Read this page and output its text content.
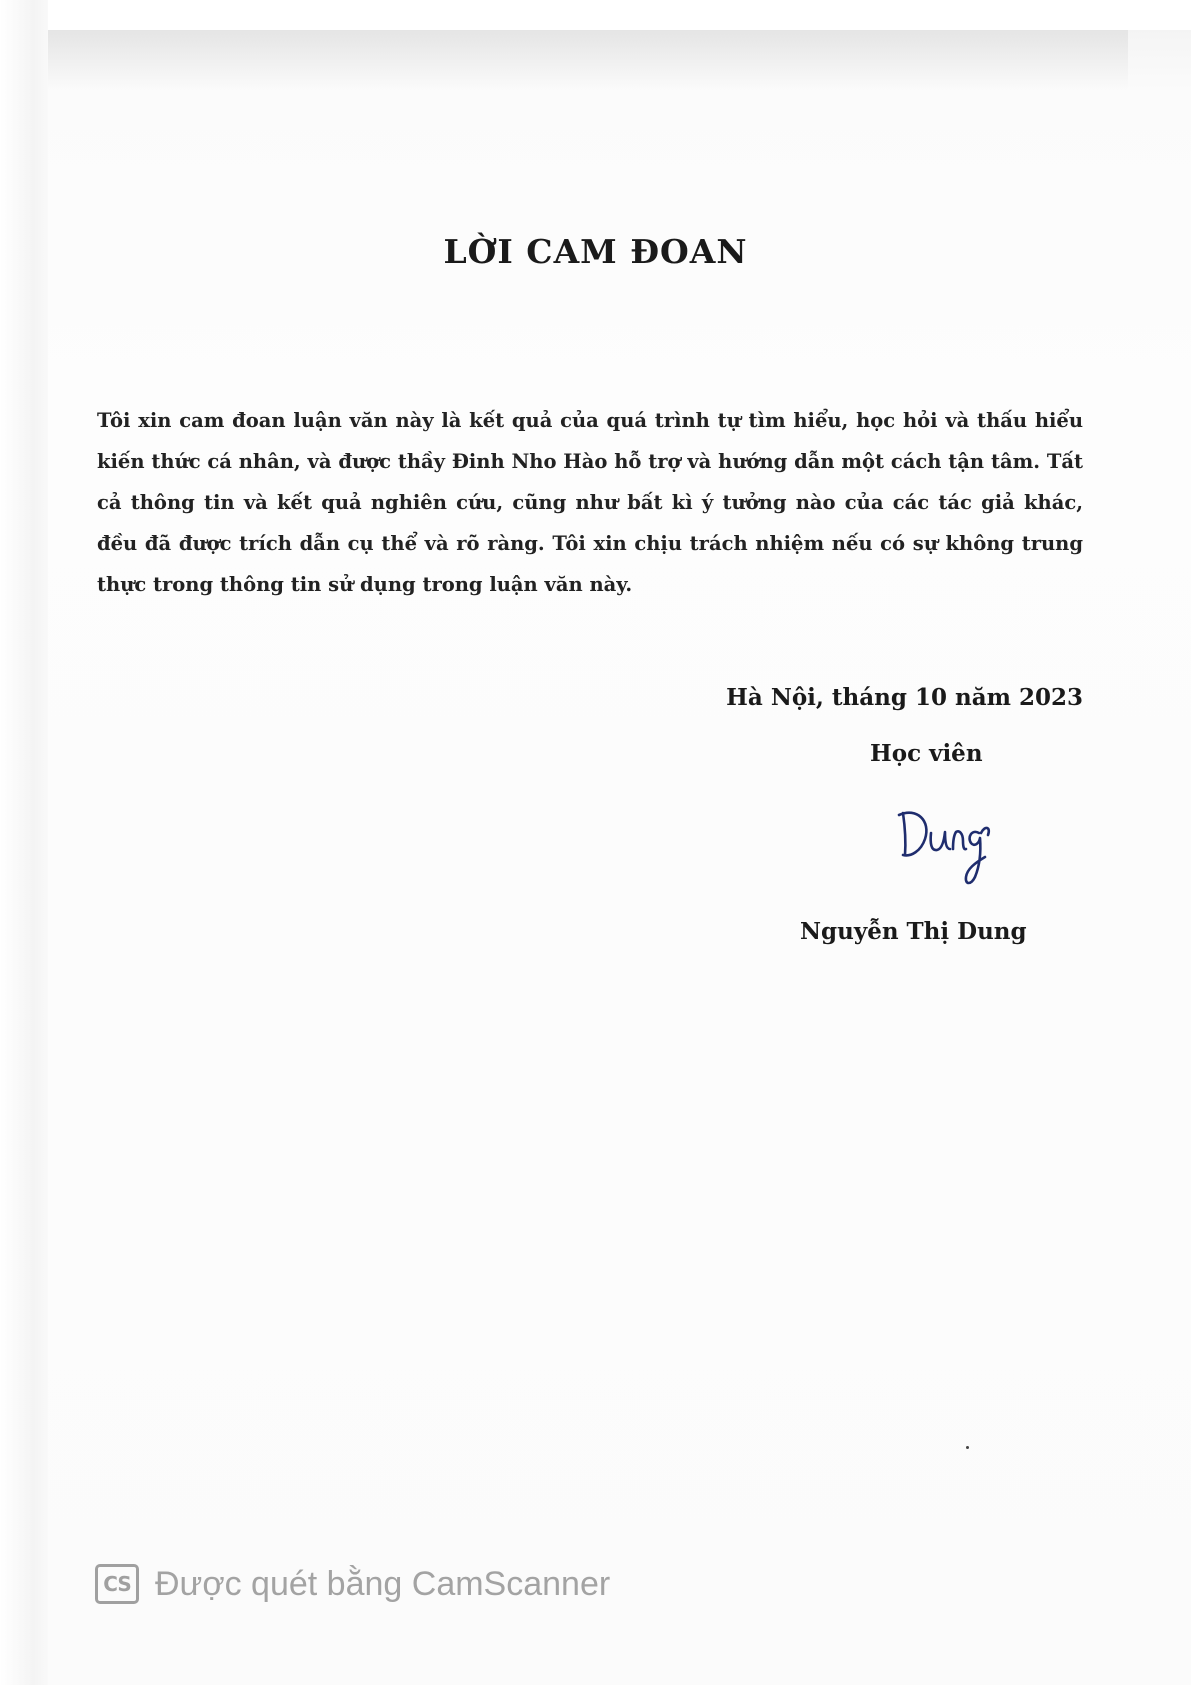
LỜI CAM ĐOAN

Tôi xin cam đoan luận văn này là kết quả của quá trình tự tìm hiểu, học hỏi và thấu hiểu kiến thức cá nhân, và được thầy Đinh Nho Hào hỗ trợ và hướng dẫn một cách tận tâm. Tất cả thông tin và kết quả nghiên cứu, cũng như bất kì ý tưởng nào của các tác giả khác, đều đã được trích dẫn cụ thể và rõ ràng. Tôi xin chịu trách nhiệm nếu có sự không trung thực trong thông tin sử dụng trong luận văn này.

Hà Nội, tháng 10 năm 2023
Học viên
Nguyễn Thị Dung
CS Được quét bằng CamScanner
